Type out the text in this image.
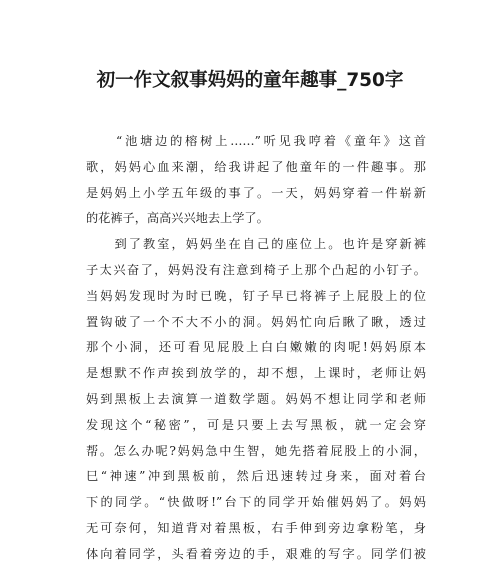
初一作文叙事妈妈的童年趣事_750字
　　“池塘边的榕树上……”听见我哼着《童年》这首
歌，妈妈心血来潮，给我讲起了他童年的一件趣事。那
是妈妈上小学五年级的事了。一天，妈妈穿着一件崭新
的花裤子，高高兴兴地去上学了。
　　到了教室，妈妈坐在自己的座位上。也许是穿新裤
子太兴奋了，妈妈没有注意到椅子上那个凸起的小钉子。
当妈妈发现时为时已晚，钉子早已将裤子上屁股上的位
置钩破了一个不大不小的洞。妈妈忙向后瞅了瞅，透过
那个小洞，还可看见屁股上白白嫩嫩的肉呢!妈妈原本
是想默不作声挨到放学的，却不想，上课时，老师让妈
妈到黑板上去演算一道数学题。妈妈不想让同学和老师
发现这个“秘密”，可是只要上去写黑板，就一定会穿
帮。怎么办呢?妈妈急中生智，她先搭着屁股上的小洞，
巳“神速”冲到黑板前，然后迅速转过身来，面对着台
下的同学。“快做呀!”台下的同学开始催妈妈了。妈妈
无可奈何，知道背对着黑板，右手伸到旁边拿粉笔，身
体向着同学，头看着旁边的手，艰难的写字。同学们被
